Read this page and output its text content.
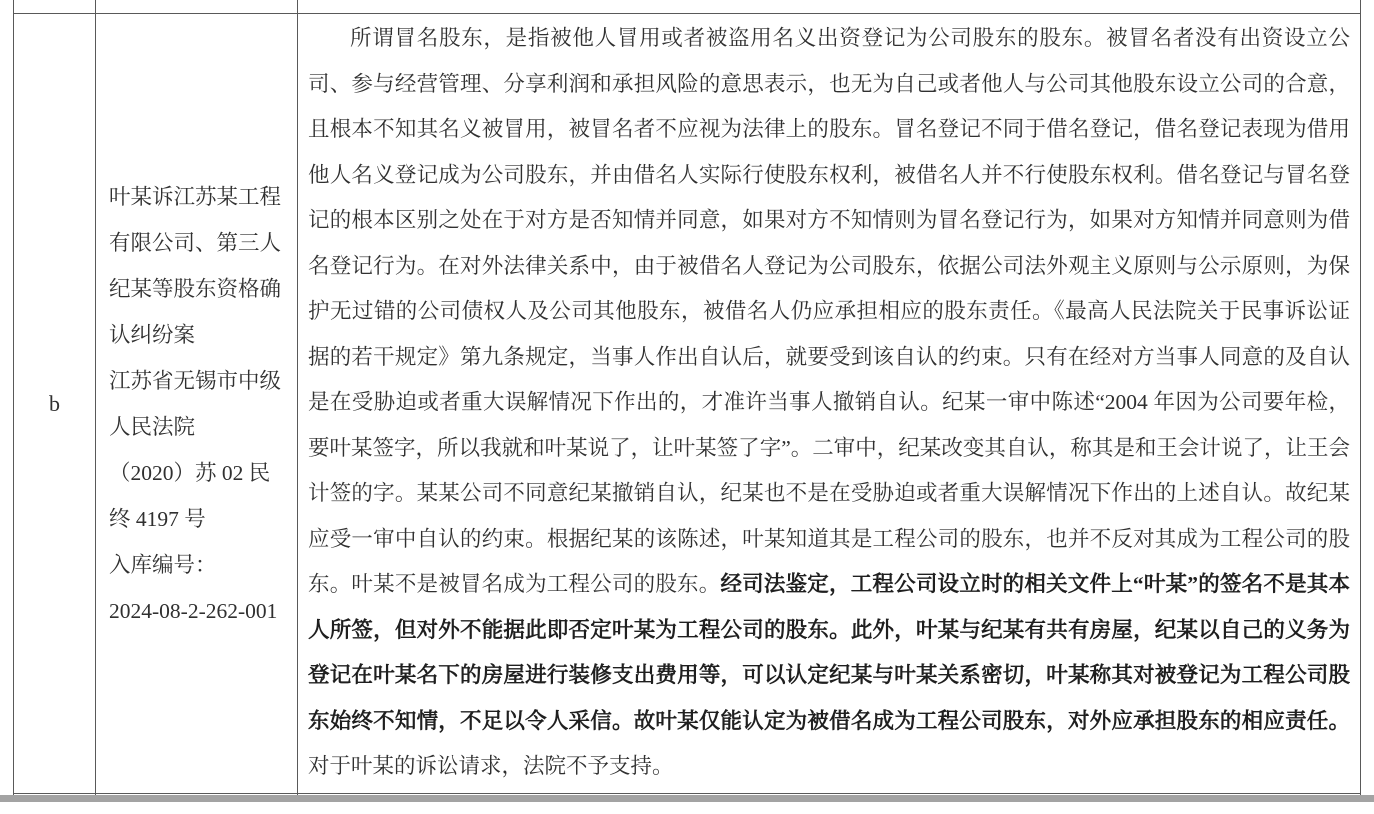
b

叶某诉江苏某工程有限公司、第三人纪某等股东资格确认纠纷案

江苏省无锡市中级人民法院

（2020）苏 02 民终 4197 号

入库编号：

2024-08-2-262-001

所谓冒名股东，是指被他人冒用或者被盗用名义出资登记为公司股东的股东。被冒名者没有出资设立公司、参与经营管理、分享利润和承担风险的意思表示，也无为自己或者他人与公司其他股东设立公司的合意，且根本不知其名义被冒用，被冒名者不应视为法律上的股东。冒名登记不同于借名登记，借名登记表现为借用他人名义登记成为公司股东，并由借名人实际行使股东权利，被借名人并不行使股东权利。借名登记与冒名登记的根本区别之处在于对方是否知情并同意，如果对方不知情则为冒名登记行为，如果对方知情并同意则为借名登记行为。在对外法律关系中，由于被借名人登记为公司股东，依据公司法外观主义原则与公示原则，为保护无过错的公司债权人及公司其他股东，被借名人仍应承担相应的股东责任。《最高人民法院关于民事诉讼证据的若干规定》第九条规定，当事人作出自认后，就要受到该自认的约束。只有在经对方当事人同意的及自认是在受胁迫或者重大误解情况下作出的，才准许当事人撤销自认。纪某一审中陈述“2004 年因为公司要年检，要叶某签字，所以我就和叶某说了，让叶某签了字”。二审中，纪某改变其自认，称其是和王会计说了，让王会计签的字。某某公司不同意纪某撤销自认，纪某也不是在受胁迫或者重大误解情况下作出的上述自认。故纪某应受一审中自认的约束。根据纪某的该陈述，叶某知道其是工程公司的股东，也并不反对其成为工程公司的股东。叶某不是被冒名成为工程公司的股东。经司法鉴定，工程公司设立时的相关文件上“叶某”的签名不是其本人所签，但对外不能据此即否定叶某为工程公司的股东。此外，叶某与纪某有共有房屋，纪某以自己的义务为登记在叶某名下的房屋进行装修支出费用等，可以认定纪某与叶某关系密切，叶某称其对被登记为工程公司股东始终不知情，不足以令人采信。故叶某仅能认定为被借名成为工程公司股东，对外应承担股东的相应责任。对于叶某的诉讼请求，法院不予支持。
